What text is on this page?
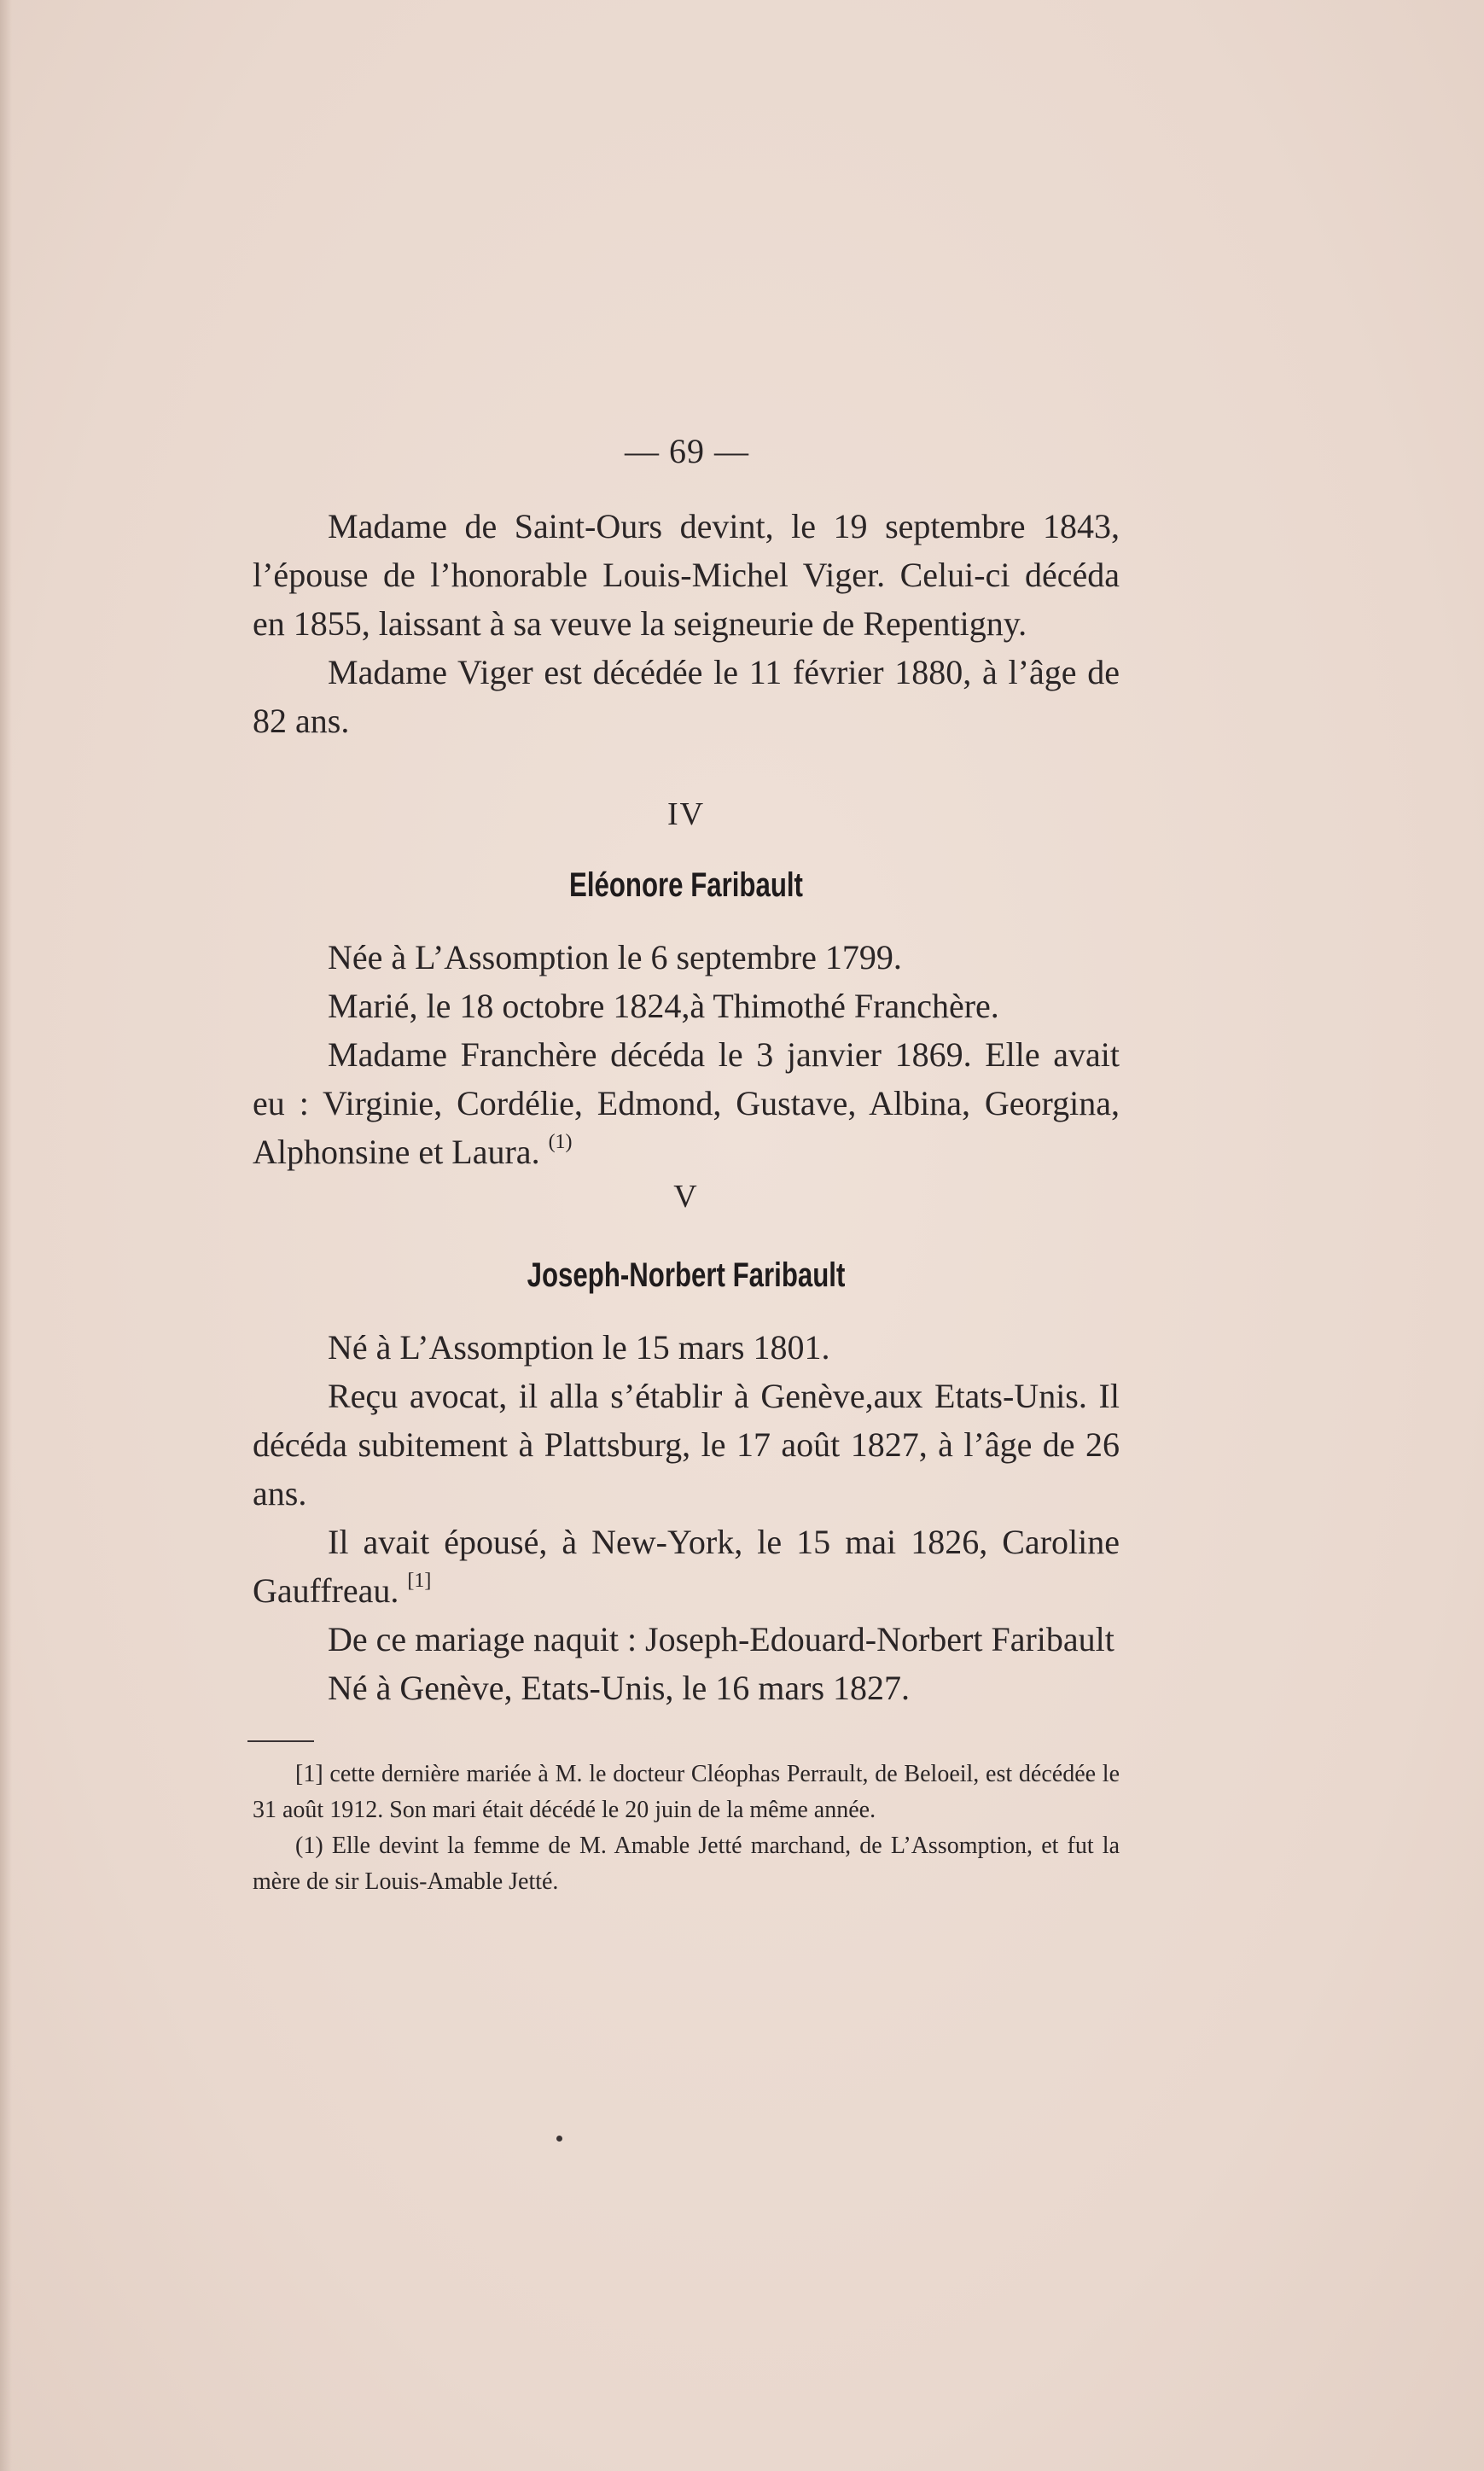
— 69 —

Madame de Saint-Ours devint, le 19 septembre 1843, l’épouse de l’honorable Louis-Michel Viger. Celui-ci décéda en 1855, laissant à sa veuve la seigneurie de Repentigny.

Madame Viger est décédée le 11 février 1880, à l’âge de 82 ans.

IV

Eléonore Faribault

Née à L’Assomption le 6 septembre 1799.

Marié, le 18 octobre 1824,à Thimothé Franchère.

Madame Franchère décéda le 3 janvier 1869. Elle avait eu : Virginie, Cordélie, Edmond, Gustave, Albina, Georgina, Alphonsine et Laura. $^{(1)}$

V

Joseph-Norbert Faribault

Né à L’Assomption le 15 mars 1801.

Reçu avocat, il alla s’établir à Genève,aux Etats-Unis. Il décéda subitement à Plattsburg, le 17 août 1827, à l’âge de 26 ans.

Il avait épousé, à New-York, le 15 mai 1826, Caroline Gauffreau. [1]

De ce mariage naquit : Joseph-Edouard-Norbert Faribault

Né à Genève, Etats-Unis, le 16 mars 1827.

[1] cette dernière mariée à M. le docteur Cléophas Perrault, de Beloeil, est décédée le 31 août 1912. Son mari était décédé le 20 juin de la même année.

(1) Elle devint la femme de M. Amable Jetté marchand, de L’Assomption, et fut la mère de sir Louis-Amable Jetté.
